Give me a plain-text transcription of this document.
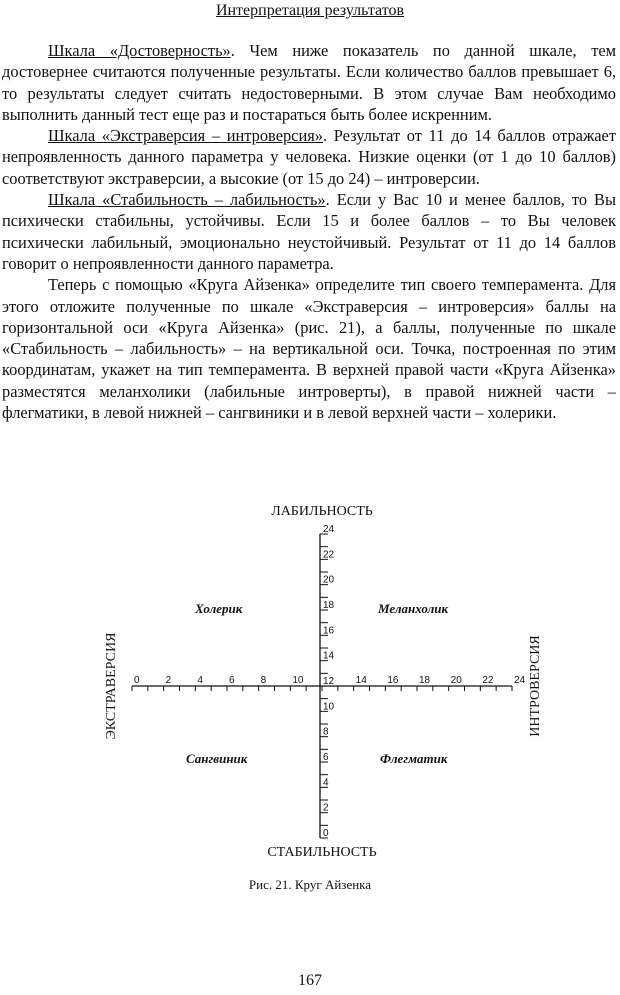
Интерпретация результатов

Шкала «Достоверность». Чем ниже показатель по данной шкале, тем достовернее считаются полученные результаты. Если количество баллов превышает 6, то результаты следует считать недостоверными. В этом случае Вам необходимо выполнить данный тест еще раз и постараться быть более искренним.

Шкала «Экстраверсия – интроверсия». Результат от 11 до 14 баллов отражает непроявленность данного параметра у человека. Низкие оценки (от 1 до 10 баллов) соответствуют экстраверсии, а высокие (от 15 до 24) – интроверсии.

Шкала «Стабильность – лабильность». Если у Вас 10 и менее баллов, то Вы психически стабильны, устойчивы. Если 15 и более баллов – то Вы человек психически лабильный, эмоционально неустойчивый. Результат от 11 до 14 баллов говорит о непроявленности данного параметра.

Теперь с помощью «Круга Айзенка» определите тип своего темперамента. Для этого отложите полученные по шкале «Экстраверсия – интроверсия» баллы на горизонтальной оси «Круга Айзенка» (рис. 21), а баллы, полученные по шкале «Стабильность – лабильность» – на вертикальной оси. Точка, построенная по этим координатам, укажет на тип темперамента. В верхней правой части «Круга Айзенка» разместятся меланхолики (лабильные интроверты), в правой нижней части – флегматики, в левой нижней – сангвиники и в левой верхней части – холерики.

0
0
2
2
4
4
6
6
8
8
10
10
12 14
14
16
16
18
18
20
20
22
22
24
24
ЛАБИЛЬНОСТЬ
СТАБИЛЬНОСТЬ
ЭКСТРАВЕРСИЯ	ИНТРОВЕРСИЯ
Холерик	Меланхолик
Сангвиник	Флегматик
Рис. 21. Круг Айзенка
167
